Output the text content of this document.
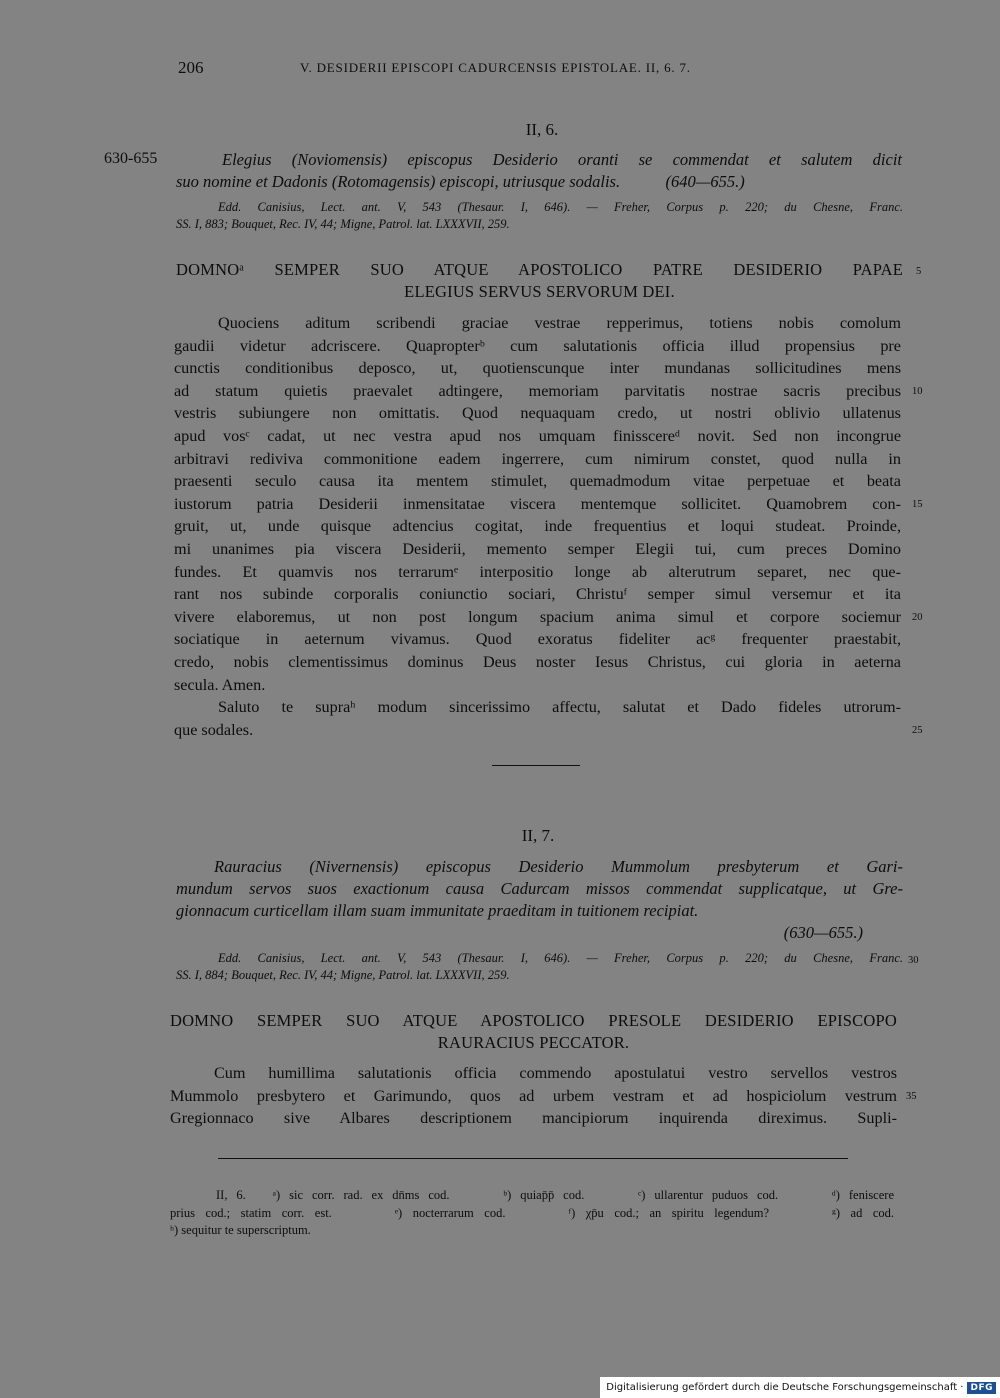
206	V. DESIDERII EPISCOPI CADURCENSIS EPISTOLAE. II, 6. 7.
II, 6.
630-655	Elegius (Noviomensis) episcopus Desiderio oranti se commendat et salutem dicit
suo nomine et Dadonis (Rotomagensis) episcopi, utriusque sodalis.           (640—655.)
Edd. Canisius, Lect. ant. V, 543 (Thesaur. I, 646). — Freher, Corpus p. 220; du Chesne, Franc.
SS. I, 883; Bouquet, Rec. IV, 44; Migne, Patrol. lat. LXXXVII, 259.
DOMNOᵃ SEMPER SUO ATQUE APOSTOLICO PATRE DESIDERIO PAPAE
ELEGIUS SERVUS SERVORUM DEI.
5
Quociens aditum scribendi graciae vestrae repperimus, totiens nobis comolum
gaudii videtur adcriscere. Quapropterᵇ cum salutationis officia illud propensius pre
cunctis conditionibus deposco, ut, quotienscunque inter mundanas sollicitudines mens
ad statum quietis praevalet adtingere, memoriam parvitatis nostrae sacris precibus
vestris subiungere non omittatis. Quod nequaquam credo, ut nostri oblivio ullatenus
apud vosᶜ cadat, ut nec vestra apud nos umquam finisscereᵈ novit. Sed non incongrue
arbitravi rediviva commonitione eadem ingerrere, cum nimirum constet, quod nulla in
praesenti seculo causa ita mentem stimulet, quemadmodum vitae perpetuae et beata
iustorum patria Desiderii inmensitatae viscera mentemque sollicitet. Quamobrem con-
gruit, ut, unde quisque adtencius cogitat, inde frequentius et loqui studeat. Proinde,
mi unanimes pia viscera Desiderii, memento semper Elegii tui, cum preces Domino
fundes. Et quamvis nos terrarumᵉ interpositio longe ab alterutrum separet, nec que-
rant nos subinde corporalis coniunctio sociari, Christuᶠ semper simul versemur et ita
vivere elaboremus, ut non post longum spacium anima simul et corpore sociemur
sociatique in aeternum vivamus. Quod exoratus fideliter acᵍ frequenter praestabit,
credo, nobis clementissimus dominus Deus noster Iesus Christus, cui gloria in aeterna
secula. Amen.
Saluto te supraʰ modum sincerissimo affectu, salutat et Dado fideles utrorum-
que sodales.
II, 7.
Rauracius (Nivernensis) episcopus Desiderio Mummolum presbyterum et Gari-
mundum servos suos exactionum causa Cadurcam missos commendat supplicatque, ut Gre-
gionnacum curticellam illam suam immunitate praeditam in tuitionem recipiat.
(630—655.)
Edd. Canisius, Lect. ant. V, 543 (Thesaur. I, 646). — Freher, Corpus p. 220; du Chesne, Franc.
SS. I, 884; Bouquet, Rec. IV, 44; Migne, Patrol. lat. LXXXVII, 259.
30
DOMNO SEMPER SUO ATQUE APOSTOLICO PRESOLE DESIDERIO EPISCOPO
RAURACIUS PECCATOR.
Cum humillima salutationis officia commendo apostulatui vestro servellos vestros
Mummolo presbytero et Garimundo, quos ad urbem vestram et ad hospiciolum vestrum
Gregionnaco sive Albares descriptionem mancipiorum inquirenda direximus. Supli-
II, 6.   ᵃ) sic corr. rad. ex dn̄ms cod.      ᵇ) quiap̄p̄ cod.      ᶜ) ullarentur puduos cod.      ᵈ) feniscere
prius cod.; statim corr. est.      ᵉ) nocterrarum cod.      ᶠ) χp̄u cod.; an spiritu legendum?      ᵍ) ad cod.
ʰ) sequitur te superscriptum.
Digitalisierung gefördert durch die Deutsche Forschungsgemeinschaft · DFG
10
15
20
25
35
